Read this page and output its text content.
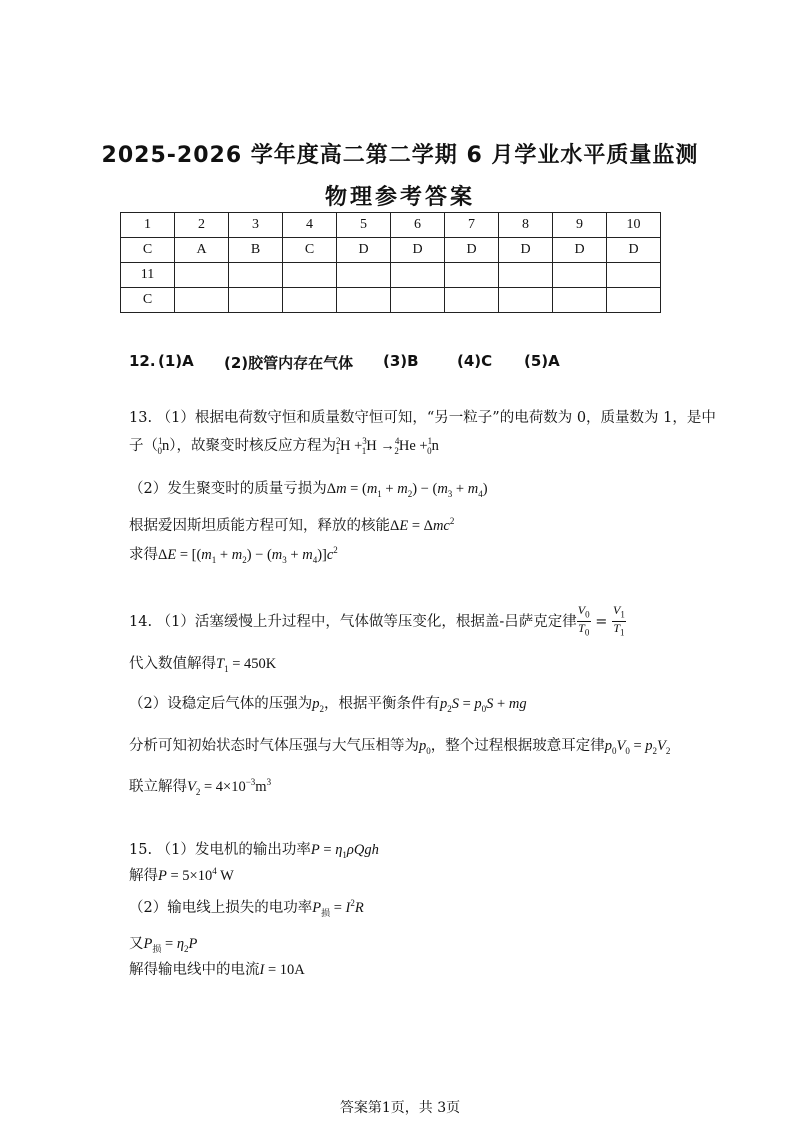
2025-2026 学年度高二第二学期 6 月学业水平质量监测
物理参考答案
1	2	3	4	5	6	7	8	9	10
C	A	B	C	D	D	D	D	D	D
11									
C									
12. (1)A (2)胶管内存在气体 (3)B	(4)C (5)A
13. （1）根据电荷数守恒和质量数守恒可知，“另一粒子”的电荷数为 0，质量数为 1，是中
子（$^1_0$n），故聚变时核反应方程为$^2_1$H +$^3_1$H →$^4_2$He +$^1_0$n
（2）发生聚变时的质量亏损为$\Delta m = (m_1 + m_2) - (m_3 + m_4)$
根据爱因斯坦质能方程可知，释放的核能ΔE = Δmc$^2$
求得$\Delta E = [(m_1 + m_2) - (m_3 + m_4)]c^2$
14. （1）活塞缓慢上升过程中，气体做等压变化，根据盖-吕萨克定律 $\frac{V_0}{T_0} = \frac{V_1}{T_1}$
代入数值解得$T_1 = 450K$
（2）设稳定后气体的压强为$p_2$，根据平衡条件有$p_2S = p_0S$ + mg
分析可知初始状态时气体压强与大气压相等为$p_0$，整个过程根据玻意耳定律$p_0V_0 = p_2V_2$
联立解得$V_2 = 4\times 10^{-3}m^3$
15. （1）发电机的输出功率$P = \eta_1\rho Qgh$
解得$P = 5\times 10^4$ W
（2）输电线上损失的电功率$P_损 = I^2R$
又$P_损 = \eta_2P$
解得输电线中的电流I = 10A
答案第1页，共 3页
